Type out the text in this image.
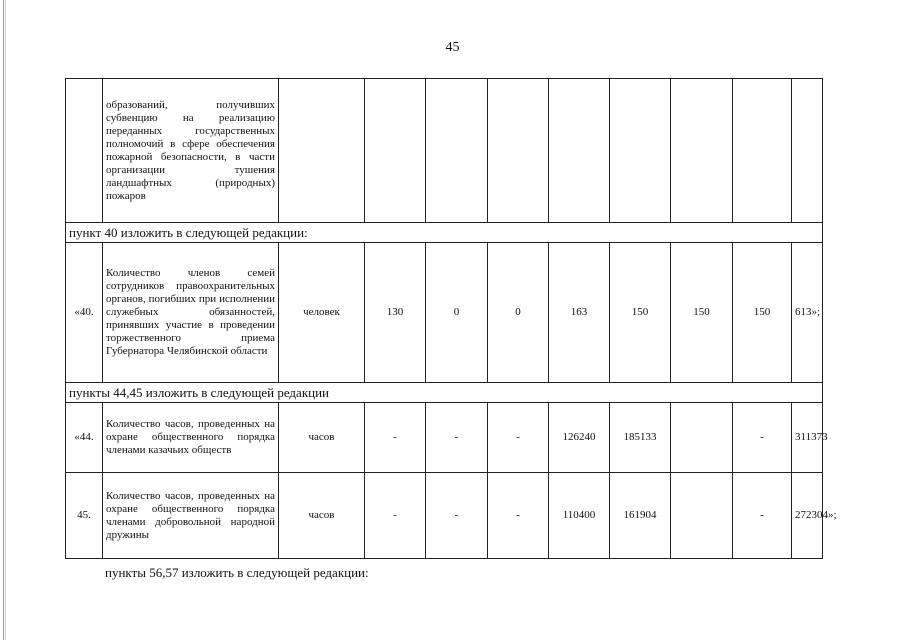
45
	образований, получивших субвенцию на реализацию переданных государственных полномочий в сфере обеспечения пожарной безопасности, в части организации тушения ландшафтных (природных) пожаров									
пункт 40 изложить в следующей редакции:										
«40.	Количество членов семей сотрудников правоохранительных органов, погибших при исполнении служебных обязанностей, принявших участие в проведении торжественного приема Губернатора Челябинской области	человек	130	0	0	163	150	150	150	613»;
пункты 44,45 изложить в следующей редакции										
«44.	Количество часов, проведенных на охране общественного порядка членами казачьих обществ	часов	-	-	-	126240	185133		-	311373
45.	Количество часов, проведенных на охране общественного порядка членами добровольной народной дружины	часов	-	-	-	110400	161904		-	272304»;
пункты 56,57 изложить в следующей редакции:
